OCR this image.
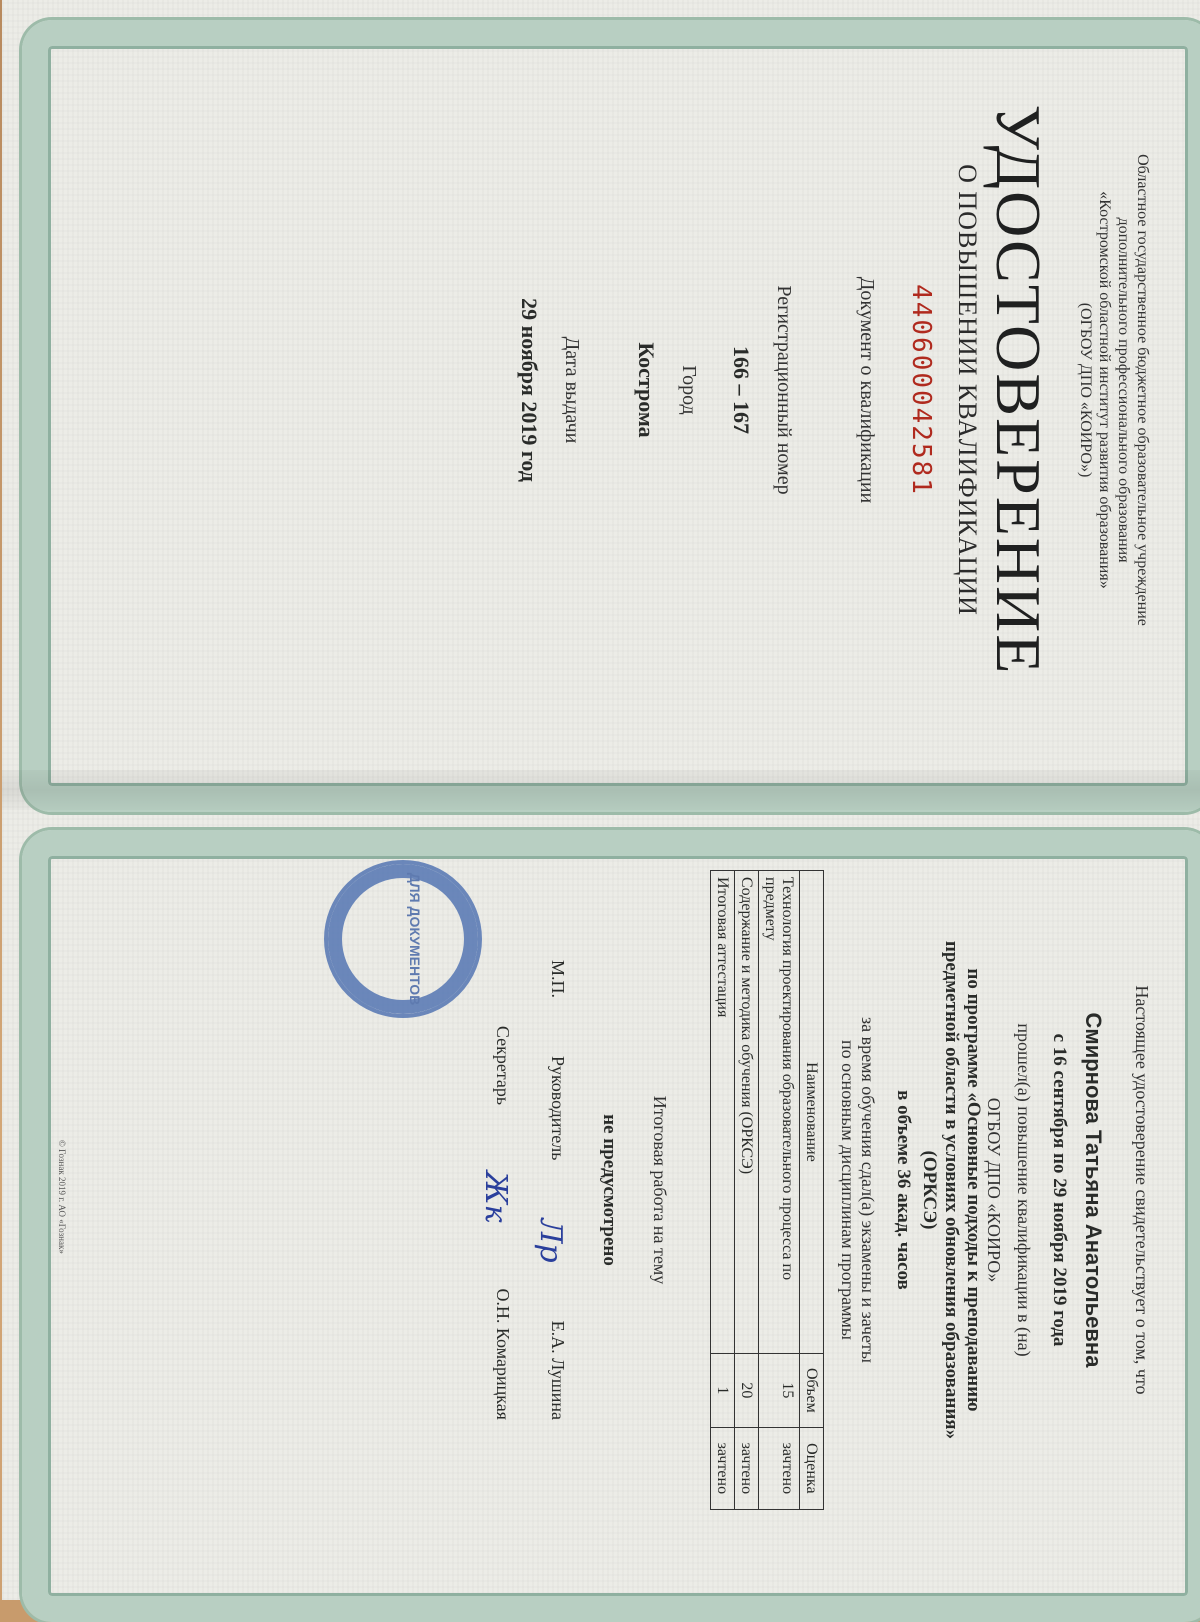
Областное государственное бюджетное образовательное учреждение
дополнительного профессионального образования
«Костромской областной институт развития образования»
(ОГБОУ ДПО «КОИРО»)
УДОСТОВЕРЕНИЕ
О ПОВЫШЕНИИ КВАЛИФИКАЦИИ
440600042581
Документ о квалификации
Регистрационный номер
166 – 167
Город
Кострома
Дата выдачи
29 ноября 2019 год
Настоящее удостоверение свидетельствует о том, что
Смирнова Татьяна Анатольевна
с 16 сентября по 29 ноября 2019 года
прошел(а) повышение квалификации в (на)
ОГБОУ ДПО «КОИРО»
по программе «Основные подходы к преподаванию
предметной области в условиях обновления образования»
(ОРКСЭ)
в объеме 36 акад. часов
за время обучения сдал(а) экзамены и зачеты
по основным дисциплинам программы
Наименование	Объем	Оценка
Технология проектирования образовательного процесса по предмету	15	зачтено
Содержание и методика обучения (ОРКСЭ)	20	зачтено
Итоговая аттестация	1	зачтено
Итоговая работа на тему
не предусмотрено
М.П.
Руководитель
Лр
Е.А. Лушина
Секретарь
Жк
О.Н. Комарицкая
© Гознак 2019 г. АО «Гознак»
ДЛЯ ДОКУМЕНТОВ
